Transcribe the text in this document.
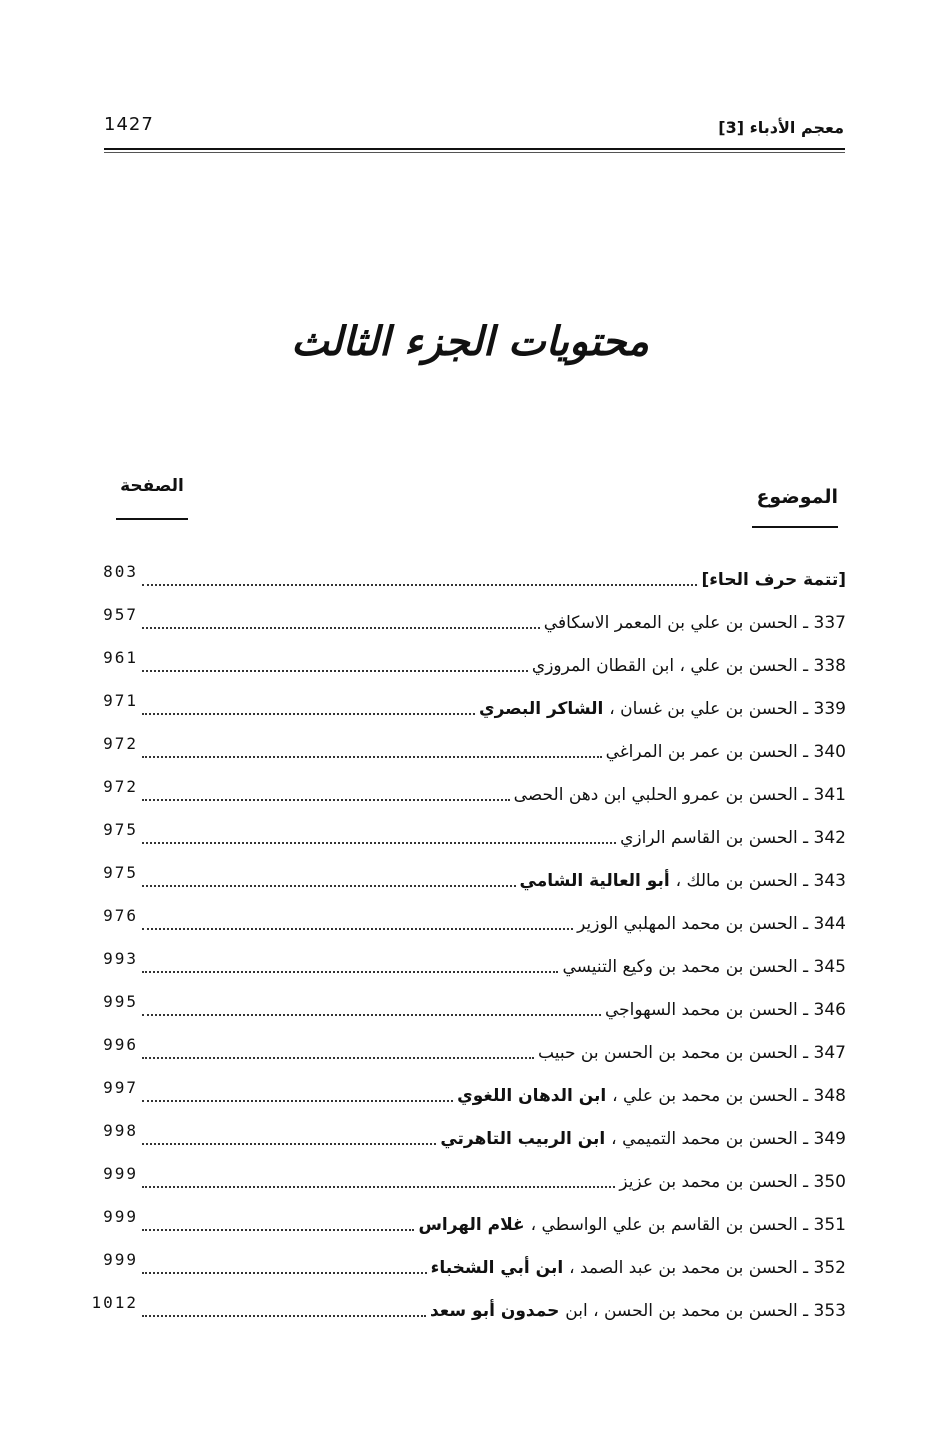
1427	معجم الأدباء [3]
محتويات الجزء الثالث
الصفحة	الموضوع
[تتمة حرف الحاء]
803
337 ـ الحسن بن علي بن المعمر الاسكافي
957
338 ـ الحسن بن علي ، ابن القطان المروزي
961
339 ـ الحسن بن علي بن غسان ، الشاكر البصري
971
340 ـ الحسن بن عمر بن المراغي
972
341 ـ الحسن بن عمرو الحلبي ابن دهن الحصى
972
342 ـ الحسن بن القاسم الرازي
975
343 ـ الحسن بن مالك ، أبو العالية الشامي
975
344 ـ الحسن بن محمد المهلبي الوزير
976
345 ـ الحسن بن محمد بن وكيع التنيسي
993
346 ـ الحسن بن محمد السهواجي
995
347 ـ الحسن بن محمد بن الحسن بن حبيب
996
348 ـ الحسن بن محمد بن علي ، ابن الدهان اللغوي
997
349 ـ الحسن بن محمد التميمي ، ابن الربيب التاهرتي
998
350 ـ الحسن بن محمد بن عزيز
999
351 ـ الحسن بن القاسم بن علي الواسطي ، غلام الهراس
999
352 ـ الحسن بن محمد بن عبد الصمد ، ابن أبي الشخباء
999
353 ـ الحسن بن محمد بن الحسن ، ابن حمدون أبو سعد
1012
